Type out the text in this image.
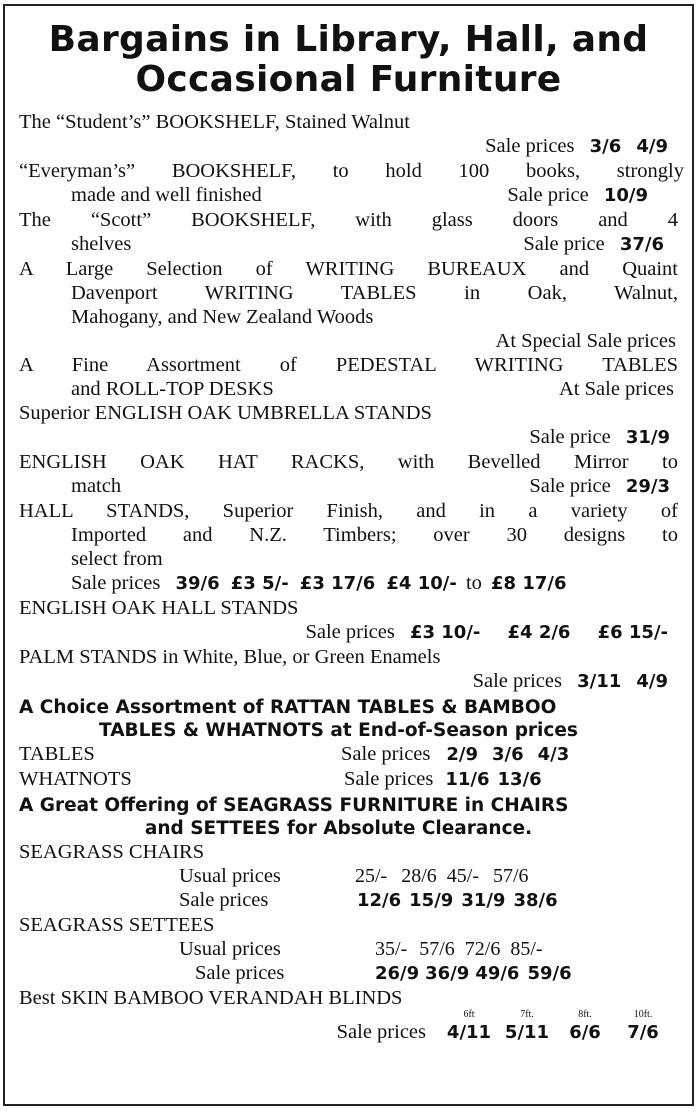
Bargains in Library, Hall, and
Occasional Furniture
The “Student’s” BOOKSHELF, Stained Walnut
Sale prices 3/6 4/9
“Everyman’s” BOOKSHELF, to hold 100 books, strongly
made and well finished	Sale price 10/9
The “Scott” BOOKSHELF, with glass doors and 4
shelves	Sale price 37/6
A Large Selection of WRITING BUREAUX and Quaint
Davenport WRITING TABLES in Oak, Walnut,
Mahogany, and New Zealand Woods
At Special Sale prices
A Fine Assortment of PEDESTAL WRITING TABLES
and ROLL-TOP DESKS	At Sale prices
Superior ENGLISH OAK UMBRELLA STANDS
Sale price 31/9
ENGLISH OAK HAT RACKS, with Bevelled Mirror to
match	Sale price 29/3
HALL STANDS, Superior Finish, and in a variety of
Imported and N.Z. Timbers; over 30 designs to
select from
Sale prices 39/6 £3 5/- £3 17/6 £4 10/- to £8 17/6
ENGLISH OAK HALL STANDS
Sale prices £3 10/- £4 2/6 £6 15/-
PALM STANDS in White, Blue, or Green Enamels
Sale prices 3/11 4/9
A Choice Assortment of RATTAN TABLES & BAMBOO
TABLES & WHATNOTS at End-of-Season prices
TABLES	Sale prices 2/9 3/6 4/3
WHATNOTS	Sale prices 11/6 13/6
A Great Offering of SEAGRASS FURNITURE in CHAIRS
and SETTEES for Absolute Clearance.
SEAGRASS CHAIRS
Usual prices	25/- 28/6 45/- 57/6
Sale prices	12/6 15/9 31/9 38/6
SEAGRASS SETTEES
Usual prices	35/- 57/6 72/6 85/-
Sale prices	26/9 36/9 49/6 59/6
Best SKIN BAMBOO VERANDAH BLINDS
6ft	7ft.	8ft.	10ft.
Sale prices	4/11 5/11	6/6	7/6
